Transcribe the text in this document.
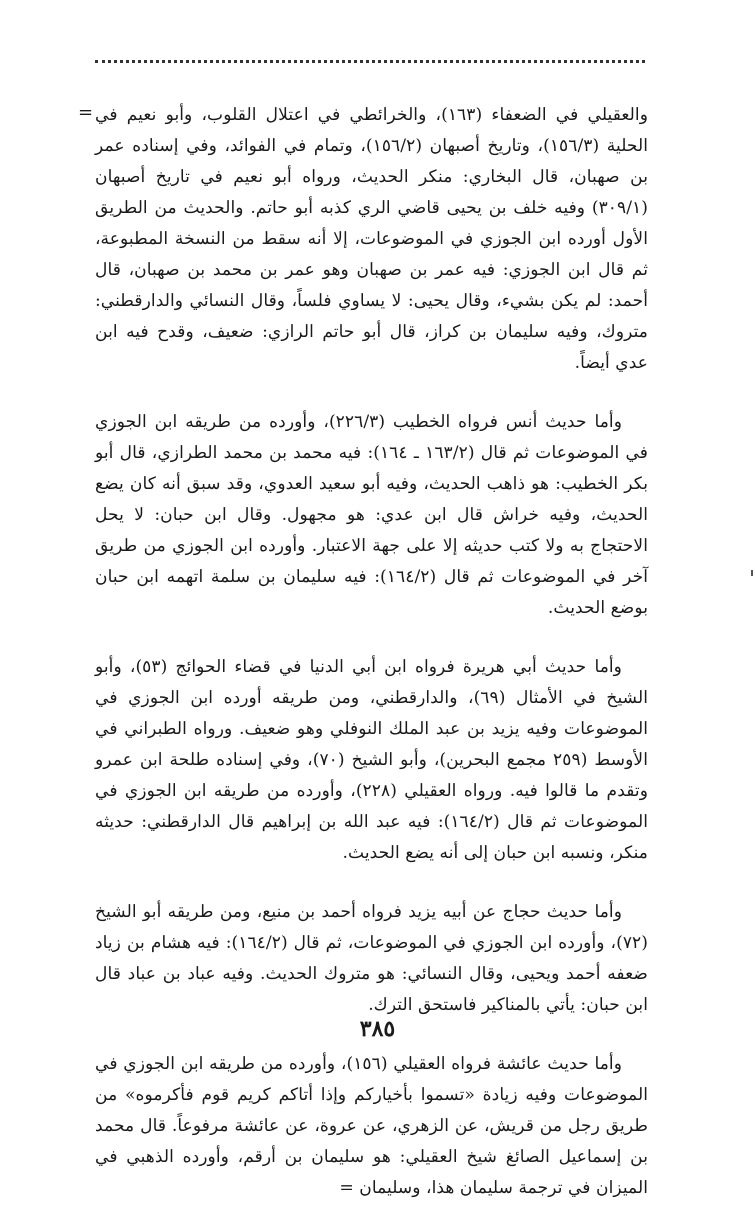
= والعقيلي في الضعفاء (١٦٣)، والخرائطي في اعتلال القلوب، وأبو نعيم في الحلية (١٥٦/٣)، وتاريخ أصبهان (١٥٦/٢)، وتمام في الفوائد، وفي إسناده عمر بن صهبان، قال البخاري: منكر الحديث، ورواه أبو نعيم في تاريخ أصبهان (٣٠٩/١) وفيه خلف بن يحيى قاضي الري كذبه أبو حاتم. والحديث من الطريق الأول أورده ابن الجوزي في الموضوعات، إلا أنه سقط من النسخة المطبوعة، ثم قال ابن الجوزي: فيه عمر بن صهبان وهو عمر بن محمد بن صهبان، قال أحمد: لم يكن بشيء، وقال يحيى: لا يساوي فلساً، وقال النسائي والدارقطني: متروك، وفيه سليمان بن كراز، قال أبو حاتم الرازي: ضعيف، وقدح فيه ابن عدي أيضاً.

وأما حديث أنس فرواه الخطيب (٢٢٦/٣)، وأورده من طريقه ابن الجوزي في الموضوعات ثم قال (١٦٣/٢ ـ ١٦٤): فيه محمد بن محمد الطرازي، قال أبو بكر الخطيب: هو ذاهب الحديث، وفيه أبو سعيد العدوي، وقد سبق أنه كان يضع الحديث، وفيه خراش قال ابن عدي: هو مجهول. وقال ابن حبان: لا يحل الاحتجاج به ولا كتب حديثه إلا على جهة الاعتبار. وأورده ابن الجوزي من طريق آخر في الموضوعات ثم قال (١٦٤/٢): فيه سليمان بن سلمة اتهمه ابن حبان بوضع الحديث.

وأما حديث أبي هريرة فرواه ابن أبي الدنيا في قضاء الحوائج (٥٣)، وأبو الشيخ في الأمثال (٦٩)، والدارقطني، ومن طريقه أورده ابن الجوزي في الموضوعات وفيه يزيد بن عبد الملك النوفلي وهو ضعيف. ورواه الطبراني في الأوسط (٢٥٩ مجمع البحرين)، وأبو الشيخ (٧٠)، وفي إسناده طلحة ابن عمرو وتقدم ما قالوا فيه. ورواه العقيلي (٢٢٨)، وأورده من طريقه ابن الجوزي في الموضوعات ثم قال (١٦٤/٢): فيه عبد الله بن إبراهيم قال الدارقطني: حديثه منكر، ونسبه ابن حبان إلى أنه يضع الحديث.

وأما حديث حجاج عن أبيه يزيد فرواه أحمد بن منيع، ومن طريقه أبو الشيخ (٧٢)، وأورده ابن الجوزي في الموضوعات، ثم قال (١٦٤/٢): فيه هشام بن زياد ضعفه أحمد ويحيى، وقال النسائي: هو متروك الحديث. وفيه عباد بن عباد قال ابن حبان: يأتي بالمناكير فاستحق الترك.

وأما حديث عائشة فرواه العقيلي (١٥٦)، وأورده من طريقه ابن الجوزي في الموضوعات وفيه زيادة «تسموا بأخياركم وإذا أتاكم كريم قوم فأكرموه» من طريق رجل من قريش، عن الزهري، عن عروة، عن عائشة مرفوعاً. قال محمد بن إسماعيل الصائغ شيخ العقيلي: هو سليمان بن أرقم، وأورده الذهبي في الميزان في ترجمة سليمان هذا، وسليمان =

٣٨٥
